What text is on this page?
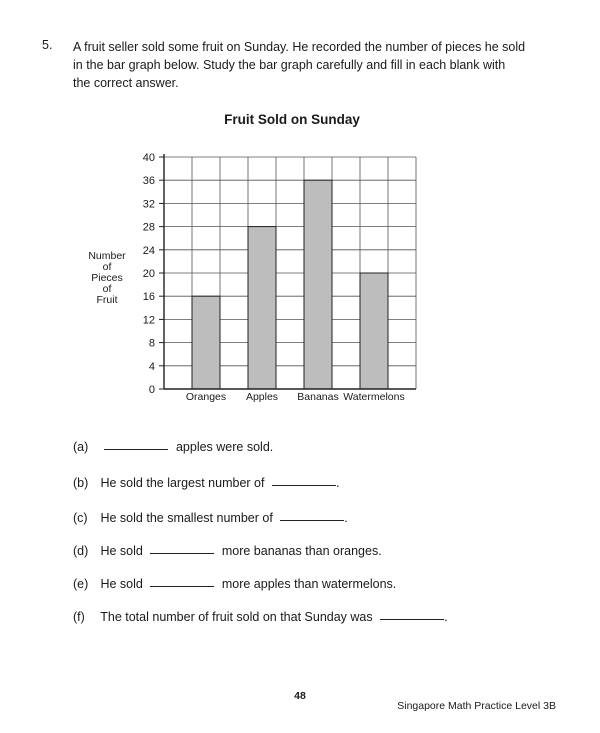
5. A fruit seller sold some fruit on Sunday. He recorded the number of pieces he sold
in the bar graph below. Study the bar graph carefully and fill in each blank with
the correct answer.
Fruit Sold on Sunday
Number
of
Pieces
of
Fruit
0
4
8
12
16
20
24
28
32
36
40
Oranges Apples Bananas Watermelons
(a)	apples were sold.
(b) He sold the largest number of	.
(c) He sold the smallest number of	.
(d) He sold	more bananas than oranges.
(e) He sold	more apples than watermelons.
(f) The total number of fruit sold on that Sunday was	.
48
Singapore Math Practice Level 3B
